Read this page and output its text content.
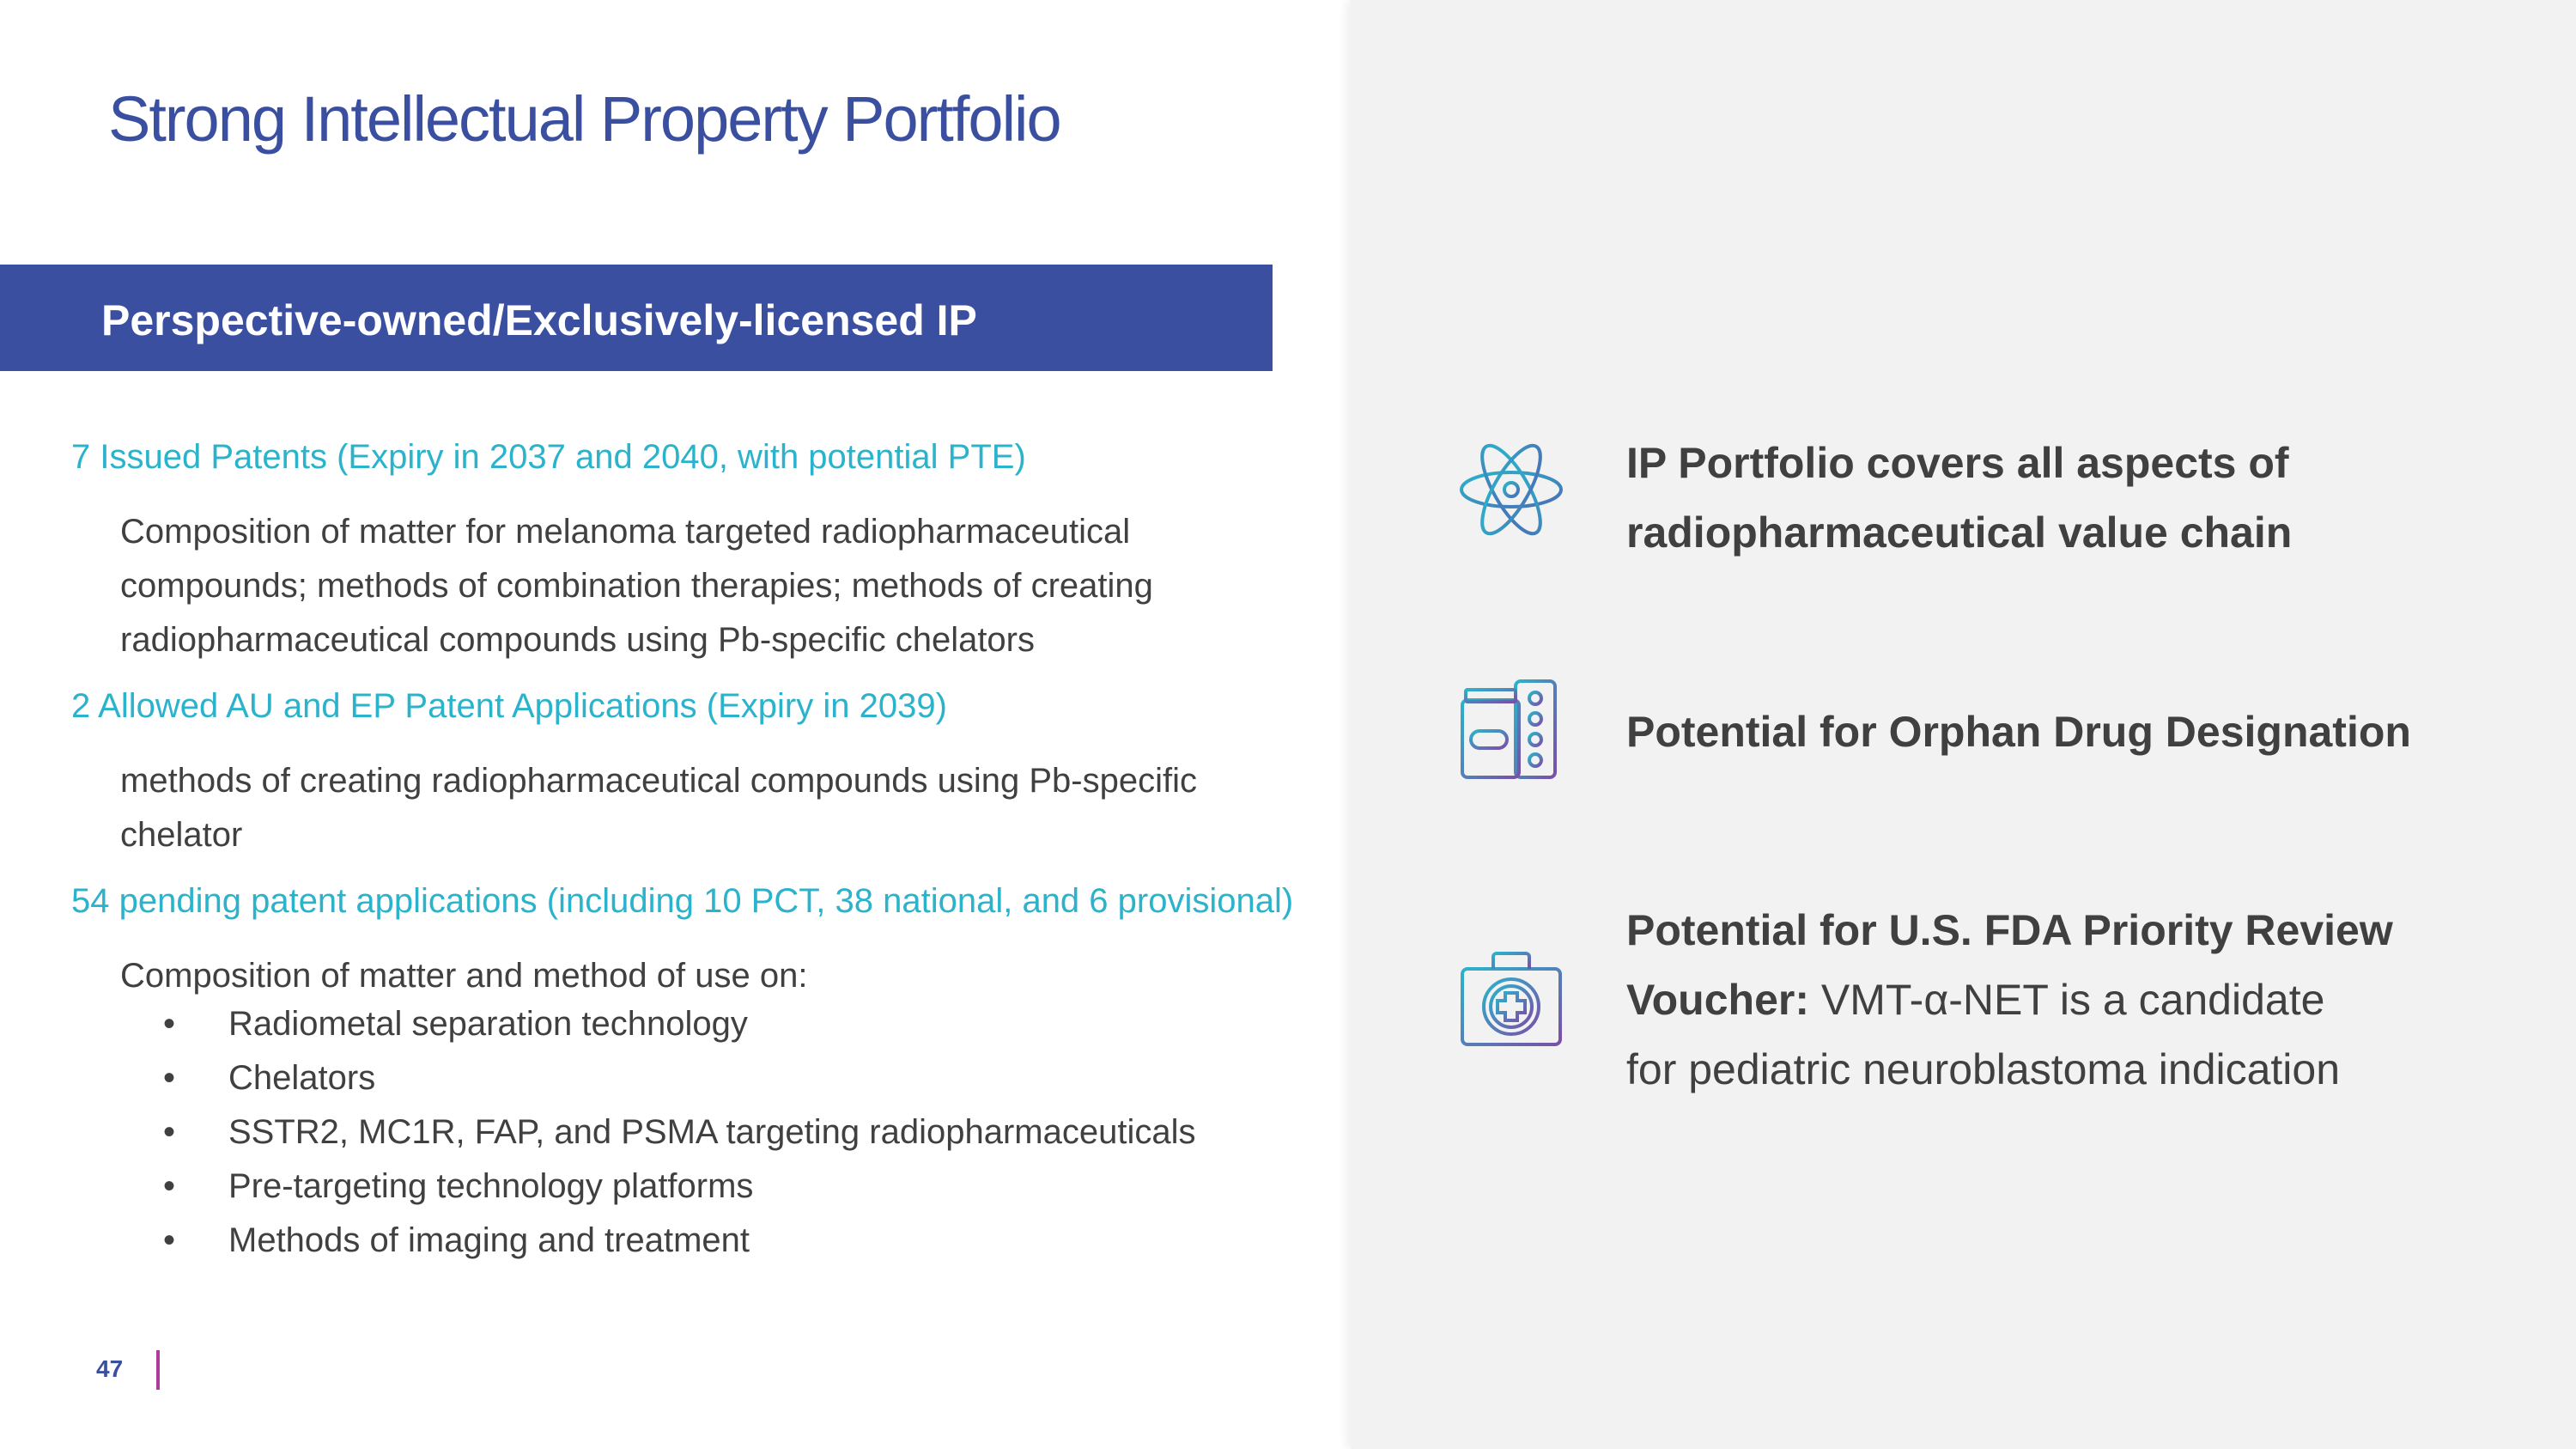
Strong Intellectual Property Portfolio
Perspective-owned/Exclusively-licensed IP
7 Issued Patents (Expiry in 2037 and 2040, with potential PTE)
Composition of matter for melanoma targeted radiopharmaceutical
compounds; methods of combination therapies; methods of creating
radiopharmaceutical compounds using Pb-specific chelators
2 Allowed AU and EP Patent Applications (Expiry in 2039)
methods of creating radiopharmaceutical compounds using Pb-specific
chelator
54 pending patent applications (including 10 PCT, 38 national, and 6 provisional)
Composition of matter and method of use on:
• Radiometal separation technology
• Chelators
• SSTR2, MC1R, FAP, and PSMA targeting radiopharmaceuticals
• Pre-targeting technology platforms
• Methods of imaging and treatment
47
IP Portfolio covers all aspects of
radiopharmaceutical value chain
Potential for Orphan Drug Designation
Potential for U.S. FDA Priority Review
Voucher: VMT-α-NET is a candidate
for pediatric neuroblastoma indication
